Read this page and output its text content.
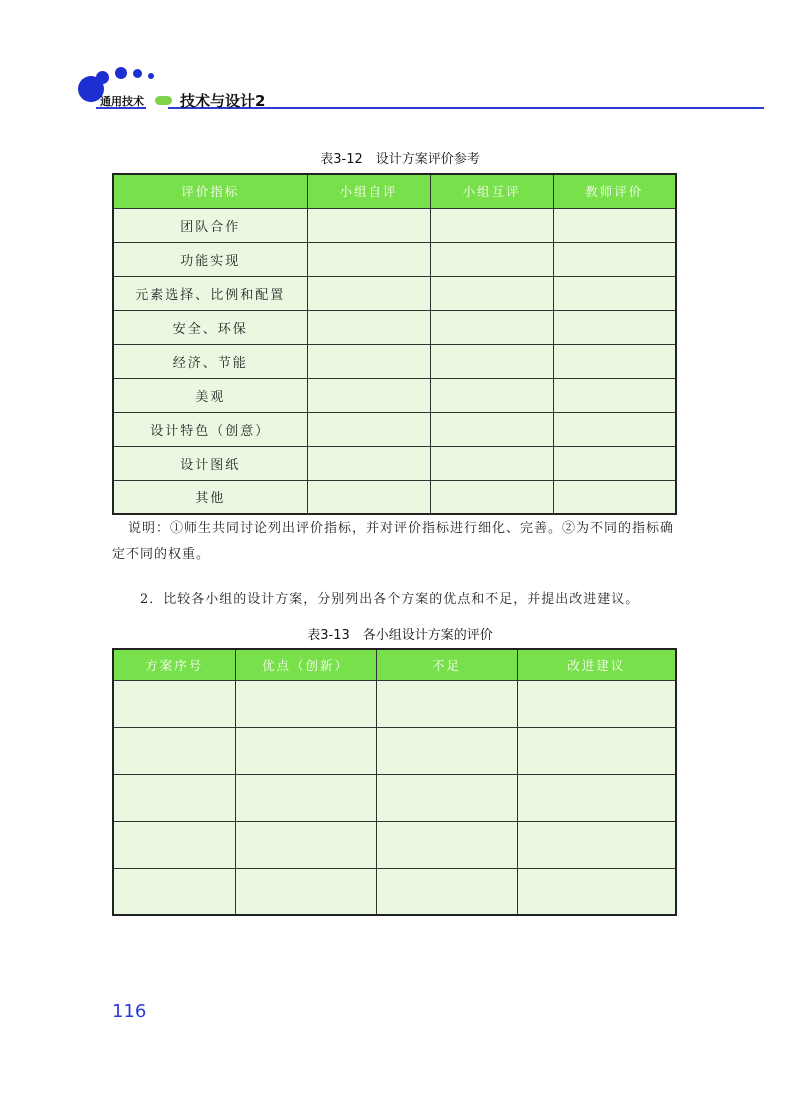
通用技术 技术与设计2
表3-12　设计方案评价参考
评价指标	小组自评	小组互评	教师评价
团队合作			
功能实现			
元素选择、比例和配置			
安全、环保			
经济、节能			
美观			
设计特色（创意）			
设计图纸			
其他			
说明：①师生共同讨论列出评价指标，并对评价指标进行细化、完善。②为不同的指标确定不同的权重。
2．比较各小组的设计方案，分别列出各个方案的优点和不足，并提出改进建议。
表3-13　各小组设计方案的评价
方案序号	优点（创新）	不足	改进建议

116
